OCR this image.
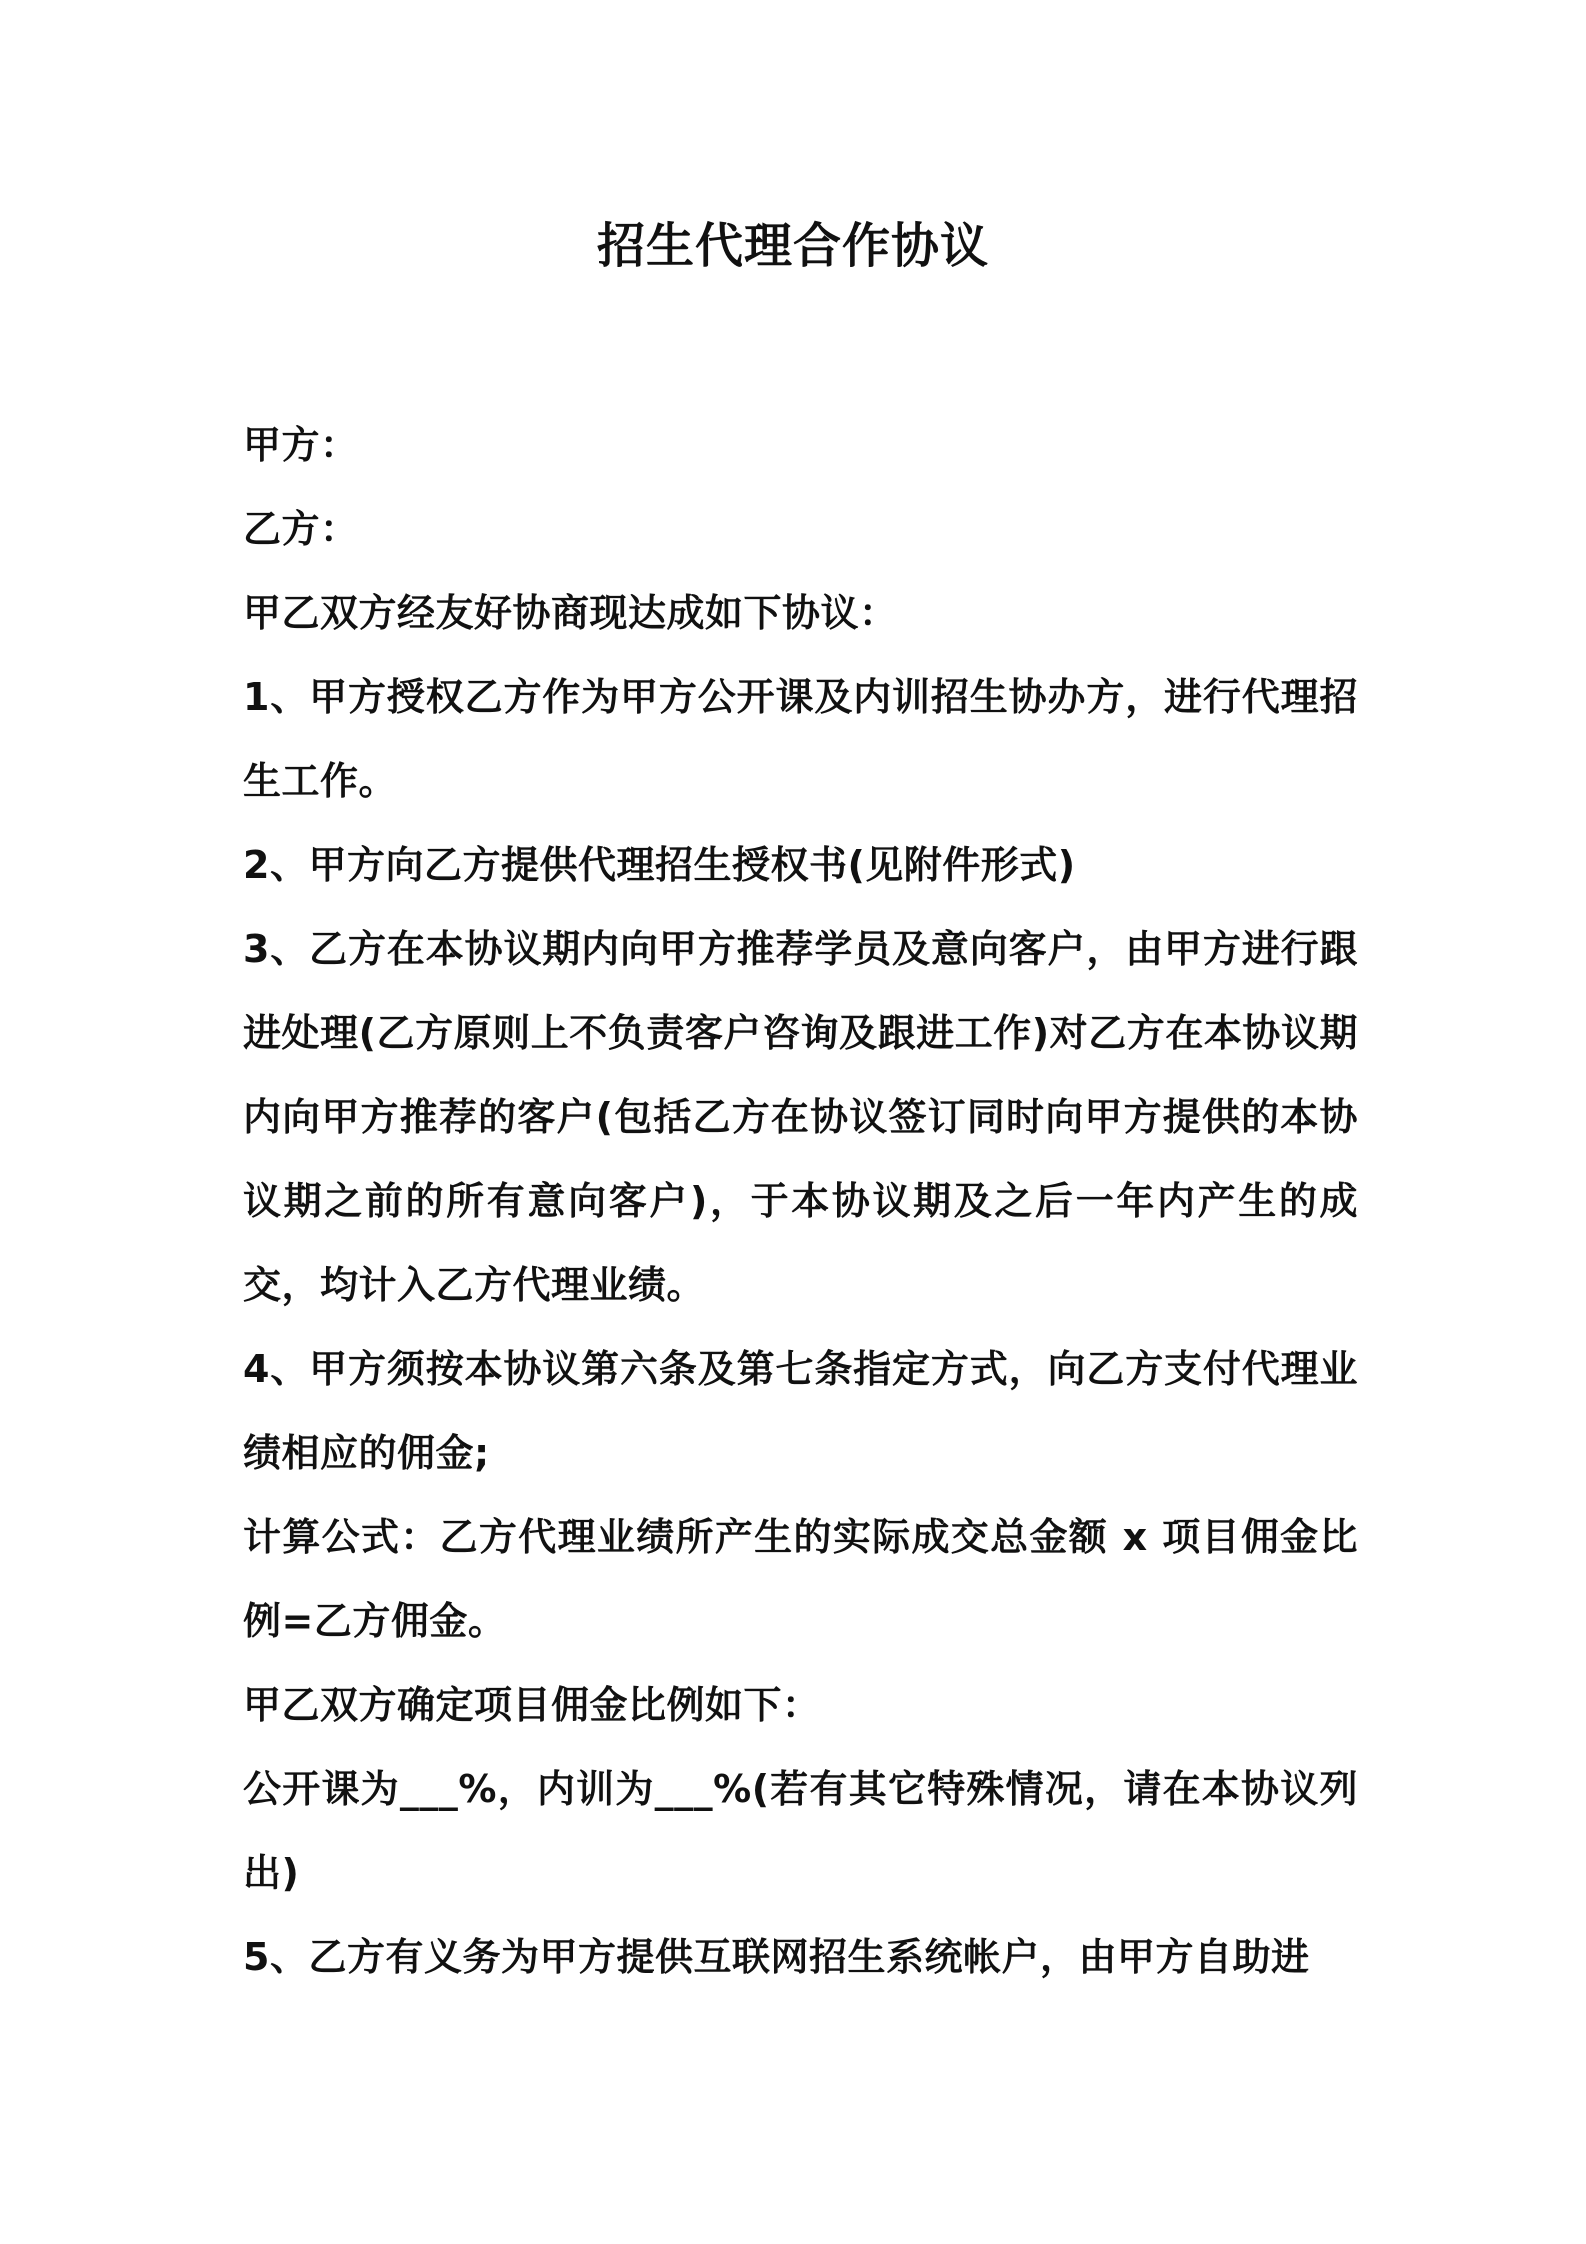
招生代理合作协议

甲方：

乙方：

甲乙双方经友好协商现达成如下协议：

1、甲方授权乙方作为甲方公开课及内训招生协办方，进行代理招生工作。

2、甲方向乙方提供代理招生授权书(见附件形式)

3、乙方在本协议期内向甲方推荐学员及意向客户，由甲方进行跟进处理(乙方原则上不负责客户咨询及跟进工作)对乙方在本协议期内向甲方推荐的客户(包括乙方在协议签订同时向甲方提供的本协议期之前的所有意向客户)，于本协议期及之后一年内产生的成交，均计入乙方代理业绩。

4、甲方须按本协议第六条及第七条指定方式，向乙方支付代理业绩相应的佣金;

计算公式：乙方代理业绩所产生的实际成交总金额 x 项目佣金比例=乙方佣金。

甲乙双方确定项目佣金比例如下：

公开课为___%，内训为___%(若有其它特殊情况，请在本协议列出)

5、乙方有义务为甲方提供互联网招生系统帐户，由甲方自助进
